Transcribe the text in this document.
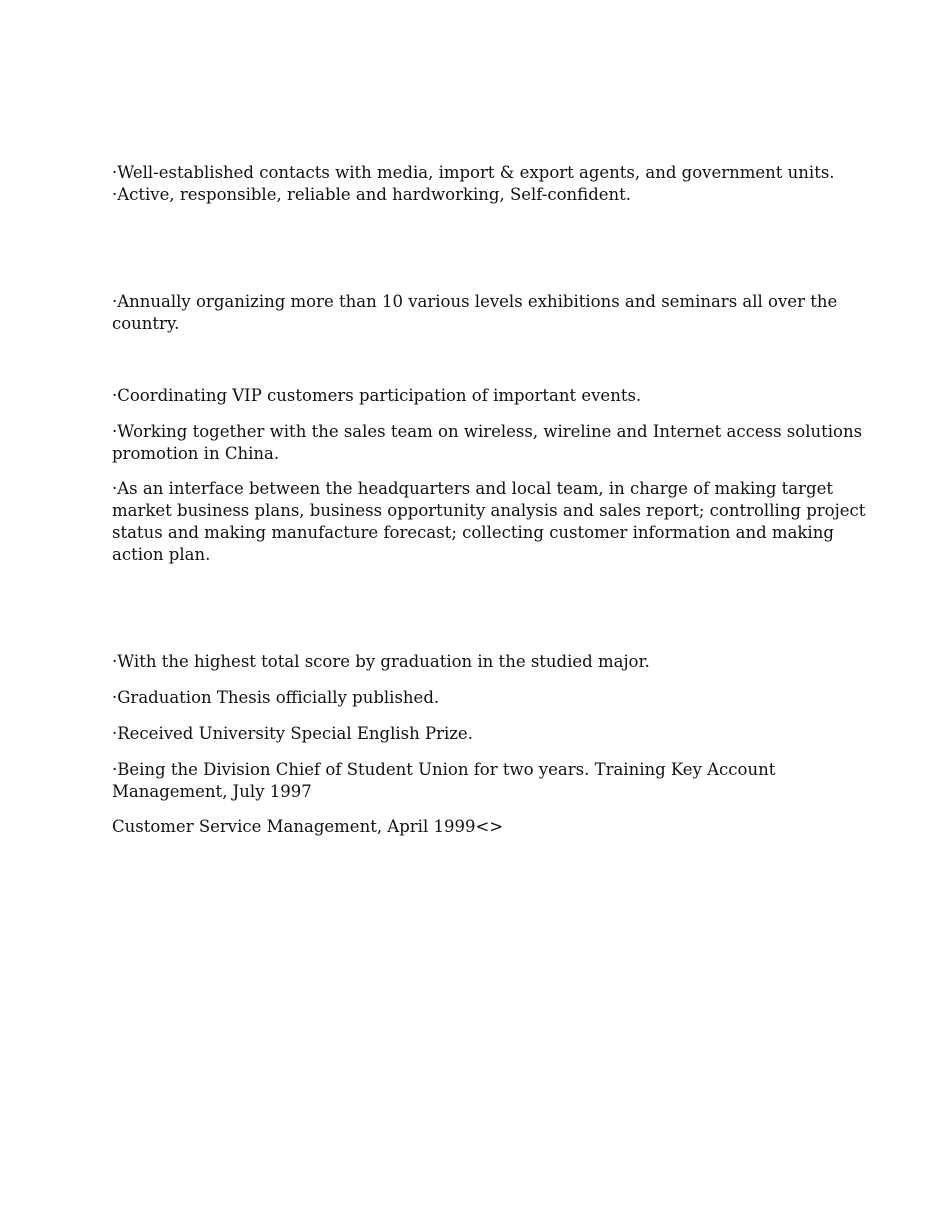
·Well-established contacts with media, import & export agents, and government units.
·Active, responsible, reliable and hardworking, Self-confident.
·Annually organizing more than 10 various levels exhibitions and seminars all over the
country.
·Coordinating VIP customers participation of important events.
·Working together with the sales team on wireless, wireline and Internet access solutions
promotion in China.
·As an interface between the headquarters and local team, in charge of making target
market business plans, business opportunity analysis and sales report; controlling project
status and making manufacture forecast; collecting customer information and making
action plan.
·With the highest total score by graduation in the studied major.
·Graduation Thesis officially published.
·Received University Special English Prize.
·Being the Division Chief of Student Union for two years. Training Key Account
Management, July 1997
Customer Service Management, April 1999<>
